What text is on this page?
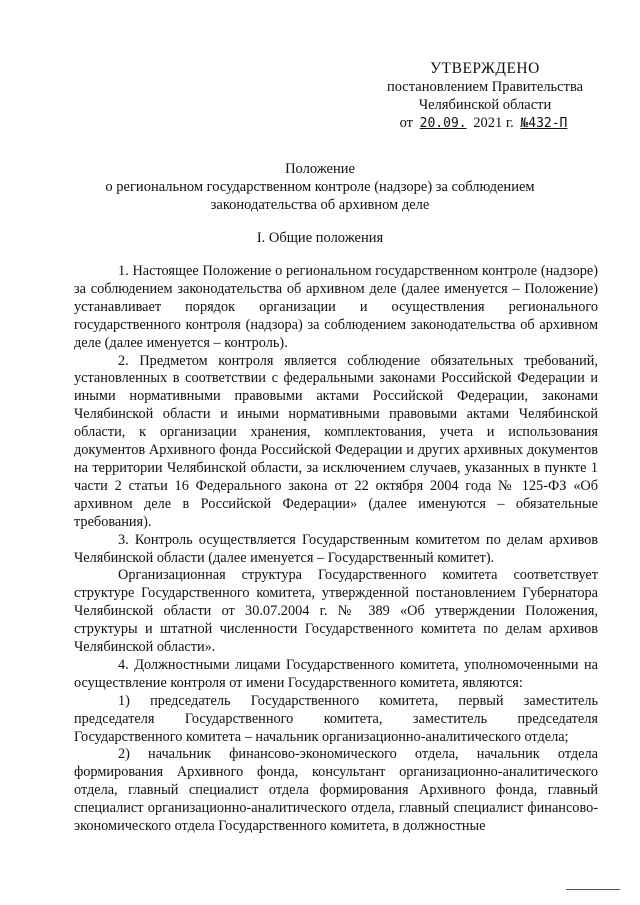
УТВЕРЖДЕНО
постановлением Правительства
Челябинской области
от 20.09. 2021 г. №432-П
Положение
о региональном государственном контроле (надзоре) за соблюдением
законодательства об архивном деле
I. Общие положения

1. Настоящее Положение о региональном государственном контроле (надзоре) за соблюдением законодательства об архивном деле (далее именуется – Положение) устанавливает порядок организации и осуществления регионального государственного контроля (надзора) за соблюдением законодательства об архивном деле (далее именуется – контроль).

2. Предметом контроля является соблюдение обязательных требований, установленных в соответствии с федеральными законами Российской Федерации и иными нормативными правовыми актами Российской Федерации, законами Челябинской области и иными нормативными правовыми актами Челябинской области, к организации хранения, комплектования, учета и использования документов Архивного фонда Российской Федерации и других архивных документов на территории Челябинской области, за исключением случаев, указанных в пункте 1 части 2 статьи 16 Федерального закона от 22 октября 2004 года № 125-ФЗ «Об архивном деле в Российской Федерации» (далее именуются – обязательные требования).

3. Контроль осуществляется Государственным комитетом по делам архивов Челябинской области (далее именуется – Государственный комитет).

Организационная структура Государственного комитета соответствует структуре Государственного комитета, утвержденной постановлением Губернатора Челябинской области от 30.07.2004 г. № 389 «Об утверждении Положения, структуры и штатной численности Государственного комитета по делам архивов Челябинской области».

4. Должностными лицами Государственного комитета, уполномоченными на осуществление контроля от имени Государственного комитета, являются:

1) председатель Государственного комитета, первый заместитель председателя Государственного комитета, заместитель председателя Государственного комитета – начальник организационно-аналитического отдела;

2) начальник финансово-экономического отдела, начальник отдела формирования Архивного фонда, консультант организационно-аналитического отдела, главный специалист отдела формирования Архивного фонда, главный специалист организационно-аналитического отдела, главный специалист финансово-экономического отдела Государственного комитета, в должностные
